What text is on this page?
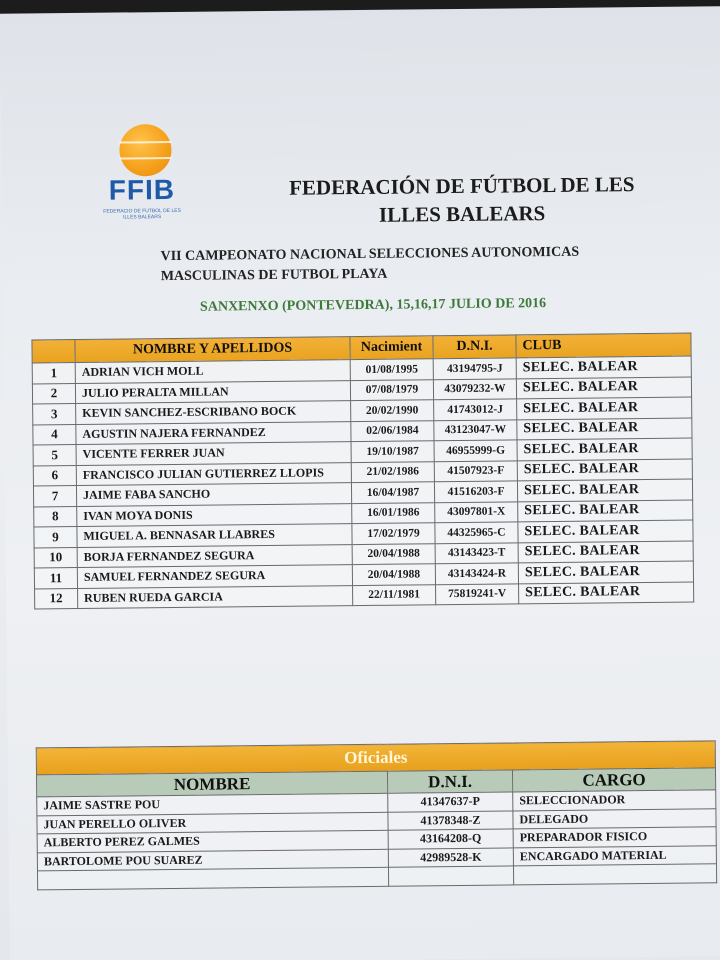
FFIB
FEDERACIO DE FUTBOL DE LES ILLES BALEARS
FEDERACIÓN DE FÚTBOL DE LES
ILLES BALEARS
VII CAMPEONATO NACIONAL SELECCIONES AUTONOMICAS
MASCULINAS DE FUTBOL PLAYA
SANXENXO (PONTEVEDRA), 15,16,17 JULIO DE 2016
	NOMBRE Y APELLIDOS	Nacimient	D.N.I.	CLUB
1	ADRIAN VICH MOLL	01/08/1995	43194795-J	SELEC. BALEAR
2	JULIO PERALTA MILLAN	07/08/1979	43079232-W	SELEC. BALEAR
3	KEVIN SANCHEZ-ESCRIBANO BOCK	20/02/1990	41743012-J	SELEC. BALEAR
4	AGUSTIN NAJERA FERNANDEZ	02/06/1984	43123047-W	SELEC. BALEAR
5	VICENTE FERRER JUAN	19/10/1987	46955999-G	SELEC. BALEAR
6	FRANCISCO JULIAN GUTIERREZ LLOPIS	21/02/1986	41507923-F	SELEC. BALEAR
7	JAIME FABA SANCHO	16/04/1987	41516203-F	SELEC. BALEAR
8	IVAN MOYA DONIS	16/01/1986	43097801-X	SELEC. BALEAR
9	MIGUEL A. BENNASAR LLABRES	17/02/1979	44325965-C	SELEC. BALEAR
10	BORJA FERNANDEZ SEGURA	20/04/1988	43143423-T	SELEC. BALEAR
11	SAMUEL FERNANDEZ SEGURA	20/04/1988	43143424-R	SELEC. BALEAR
12	RUBEN RUEDA GARCIA	22/11/1981	75819241-V	SELEC. BALEAR
Oficiales		
NOMBRE	D.N.I.	CARGO
JAIME SASTRE POU	41347637-P	SELECCIONADOR
JUAN PERELLO OLIVER	41378348-Z	DELEGADO
ALBERTO PEREZ GALMES	43164208-Q	PREPARADOR FISICO
BARTOLOME POU SUAREZ	42989528-K	ENCARGADO MATERIAL
